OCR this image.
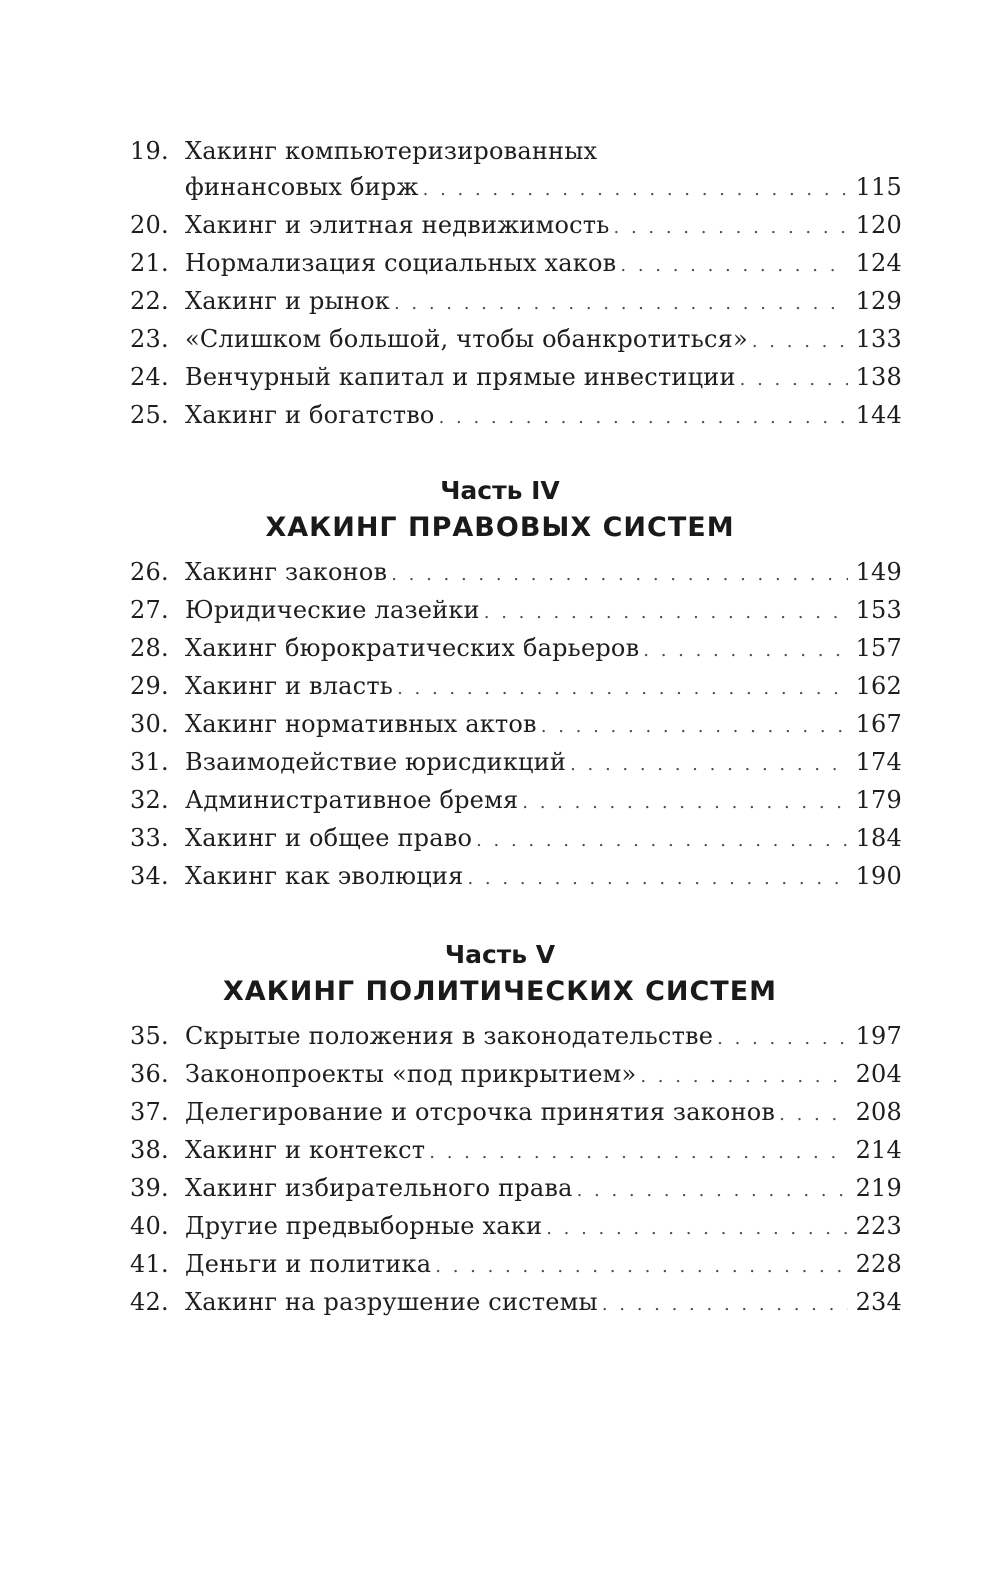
19. Хакинг компьютеризированных
финансовых бирж . . .	115
20. Хакинг и элитная недвижимость . . .	120
21. Нормализация социальных хаков . . .	124
22. Хакинг и рынок . . .	129
23. «Слишком большой, чтобы обанкротиться» . . .	133
24. Венчурный капитал и прямые инвестиции . . .	138
25. Хакинг и богатство . . .	144
Часть IV
ХАКИНГ ПРАВОВЫХ СИСТЕМ
26. Хакинг законов . . .	149
27. Юридические лазейки . . .	153
28. Хакинг бюрократических барьеров . . .	157
29. Хакинг и власть . . .	162
30. Хакинг нормативных актов . . .	167
31. Взаимодействие юрисдикций . . .	174
32. Административное бремя . . .	179
33. Хакинг и общее право . . .	184
34. Хакинг как эволюция . . .	190
Часть V
ХАКИНГ ПОЛИТИЧЕСКИХ СИСТЕМ
35. Скрытые положения в законодательстве . . .	197
36. Законопроекты «под прикрытием» . . .	204
37. Делегирование и отсрочка принятия законов . . .	208
38. Хакинг и контекст . . .	214
39. Хакинг избирательного права . . .	219
40. Другие предвыборные хаки . . .	223
41. Деньги и политика . . .	228
42. Хакинг на разрушение системы . . .	234
